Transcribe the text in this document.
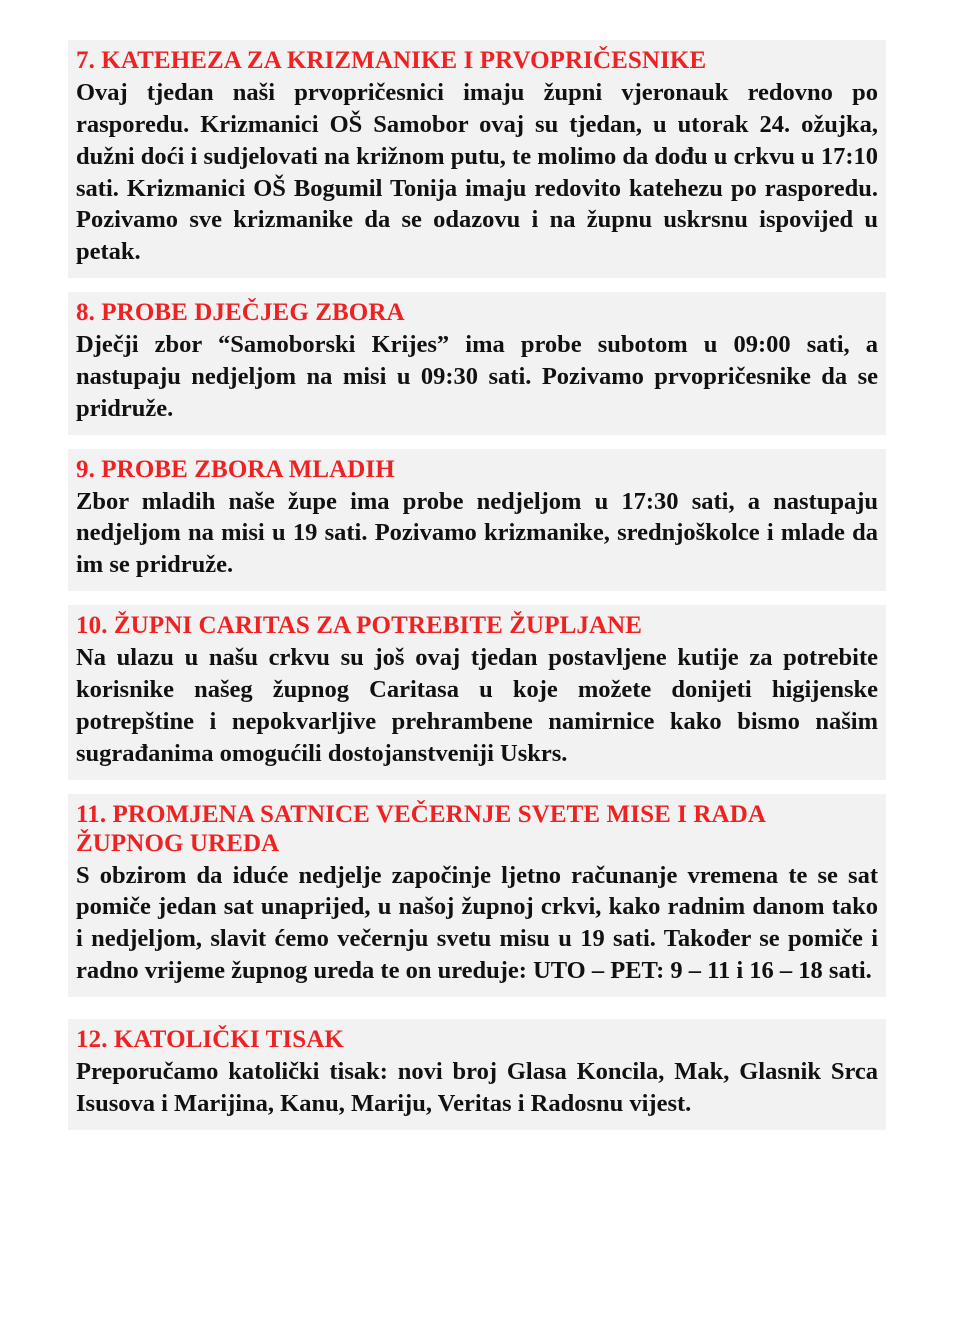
7. KATEHEZA ZA KRIZMANIKE I PRVOPRIČESNIKE

Ovaj tjedan naši prvopričesnici imaju župni vjeronauk redovno po rasporedu. Krizmanici OŠ Samobor ovaj su tjedan, u utorak 24. ožujka, dužni doći i sudjelovati na križnom putu, te molimo da dođu u crkvu u 17:10 sati. Krizmanici OŠ Bogumil Tonija imaju redovito katehezu po rasporedu. Pozivamo sve krizmanike da se odazovu i na župnu uskrsnu ispovijed u petak.

8. PROBE DJEČJEG ZBORA

Dječji zbor “Samoborski Krijes” ima probe subotom u 09:00 sati, a nastupaju nedjeljom na misi u 09:30 sati. Pozivamo prvopričesnike da se pridruže.

9. PROBE ZBORA MLADIH

Zbor mladih naše župe ima probe nedjeljom u 17:30 sati, a nastupaju nedjeljom na misi u 19 sati. Pozivamo krizmanike, srednjoškolce i mlade da im se pridruže.

10. ŽUPNI CARITAS ZA POTREBITE ŽUPLJANE

Na ulazu u našu crkvu su još ovaj tjedan postavljene kutije za potrebite korisnike našeg župnog Caritasa u koje možete donijeti higijenske potrepštine i nepokvarljive prehrambene namirnice kako bismo našim sugrađanima omogućili dostojanstveniji Uskrs.

11. PROMJENA SATNICE VEČERNJE SVETE MISE I RADA ŽUPNOG UREDA

S obzirom da iduće nedjelje započinje ljetno računanje vremena te se sat pomiče jedan sat unaprijed, u našoj župnoj crkvi, kako radnim danom tako i nedjeljom, slavit ćemo večernju svetu misu u 19 sati. Također se pomiče i radno vrijeme župnog ureda te on ureduje: UTO – PET: 9 – 11 i 16 – 18 sati.

12. KATOLIČKI TISAK

Preporučamo katolički tisak: novi broj Glasa Koncila, Mak, Glasnik Srca Isusova i Marijina, Kanu, Mariju, Veritas i Radosnu vijest.
